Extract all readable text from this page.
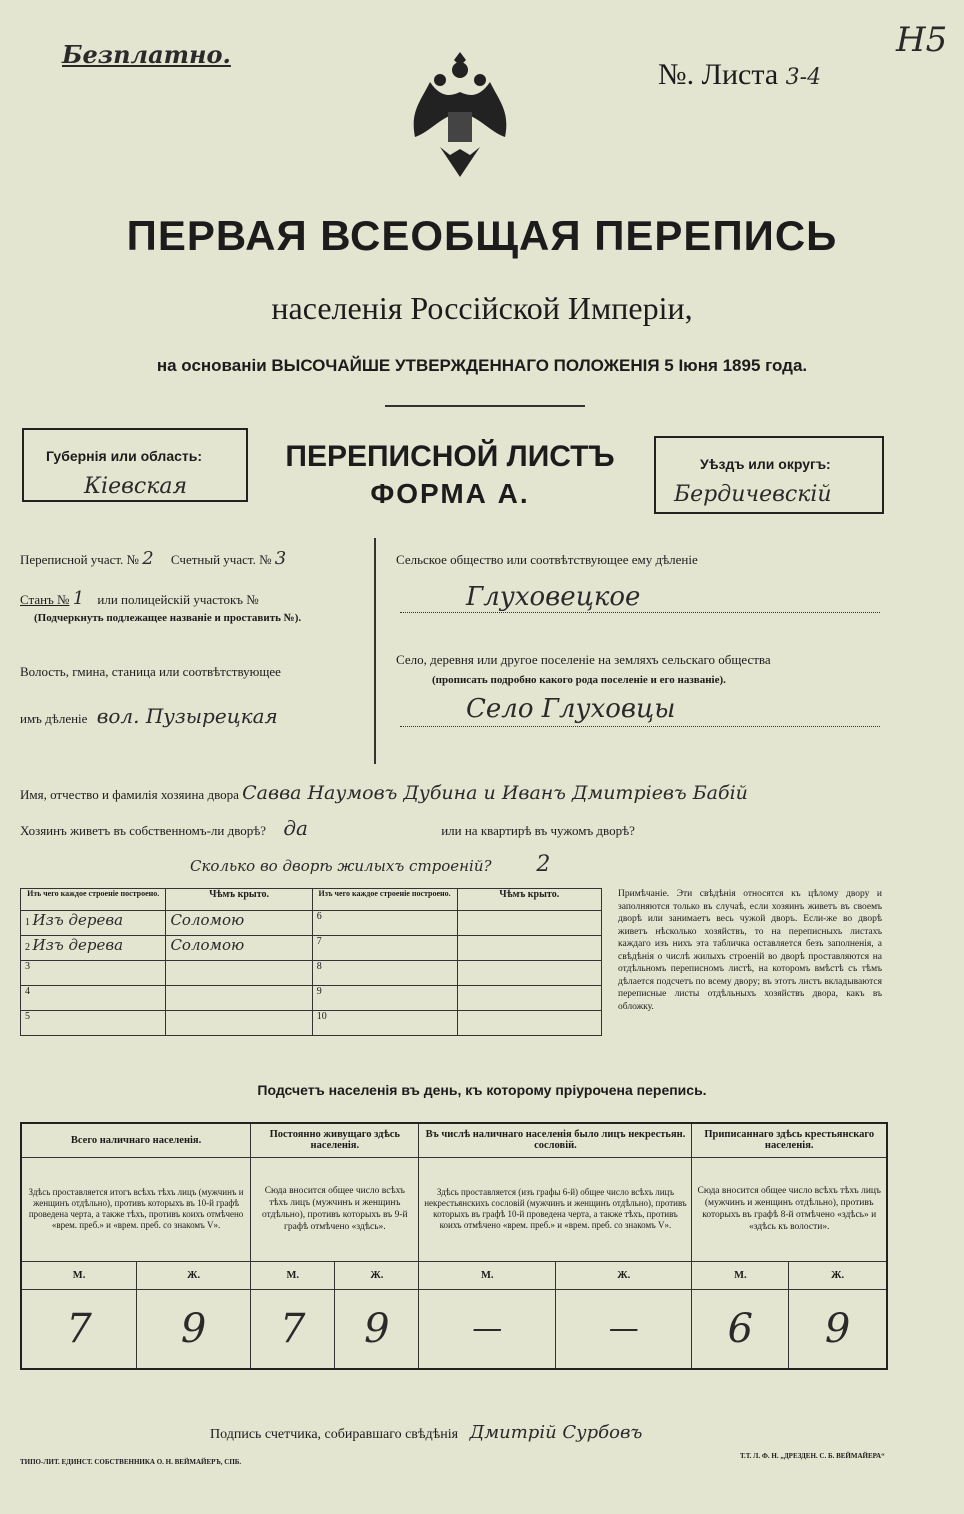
Безплатно.
№. Листа 3-4
H5
ПЕРВАЯ ВСЕОБЩАЯ ПЕРЕПИСЬ
населенія Россійской Имперіи,
на основаніи ВЫСОЧАЙШЕ УТВЕРЖДЕННАГО ПОЛОЖЕНІЯ 5 Іюня 1895 года.
Губернія или область:
Кіевская
ПЕРЕПИСНОЙ ЛИСТЪ
ФОРМА А.
Уѣздъ или округъ:
Бердичевскій
Переписной участ. № 2 Счетный участ. № 3
Станъ № 1 или полицейскій участокъ №
(Подчеркнуть подлежащее названіе и проставить №).
Волость, гмина, станица или соотвѣтствующее
имъ дѣленіе вол. Пузырецкая
Сельское общество или соотвѣтствующее ему дѣленіе
Глуховецкое
Село, деревня или другое поселеніе на земляхъ сельскаго общества
(прописать подробно какого рода поселеніе и его названіе).
Село Глуховцы
Имя, отчество и фамилія хозяина двора Савва Наумовъ Дубина и Иванъ Дмитріевъ Бабій
Хозяинъ живетъ въ собственномъ-ли дворѣ? да	или на квартирѣ въ чужомъ дворѣ?
Сколько во дворѣ жилыхъ строеній? 2
Изъ чего каждое строеніе построено.	Чѣмъ крыто.	Изъ чего каждое строеніе построено.	Чѣмъ крыто.
1 Изъ дерева	Соломою	6	
2 Изъ дерева	Соломою	7	
3		8	
4		9	
5		10	
Примѣчаніе. Эти свѣдѣнія относятся къ цѣлому двору и заполняются только въ случаѣ, если хозяинъ живетъ въ своемъ дворѣ или занимаетъ весь чужой дворъ. Если-же во дворѣ живетъ нѣсколько хозяйствъ, то на переписныхъ листахъ каждаго изъ нихъ эта табличка оставляется безъ заполненія, а свѣдѣнія о числѣ жилыхъ строеній во дворѣ проставляются на отдѣльномъ переписномъ листѣ, на которомъ вмѣстѣ съ тѣмъ дѣлается подсчетъ по всему двору; въ этотъ листъ вкладываются переписные листы отдѣльныхъ хозяйствъ двора, какъ въ обложку.
Подсчетъ населенія въ день, къ которому пріурочена перепись.
Всего наличнаго населенія.		Постоянно живущаго здѣсь населенія.		Въ числѣ наличнаго населенія было лицъ некрестьян. сословій.		Приписаннаго здѣсь крестьянскаго населенія.	
Здѣсь проставляется итогъ всѣхъ тѣхъ лицъ (мужчинъ и женщинъ отдѣльно), противъ которыхъ въ 10-й графѣ проведена черта, а также тѣхъ, противъ коихъ отмѣчено «врем. преб.» и «врем. преб. со знакомъ V».		Сюда вносится общее число всѣхъ тѣхъ лицъ (мужчинъ и женщинъ отдѣльно), противъ которыхъ въ 9-й графѣ отмѣчено «здѣсь».		Здѣсь проставляется (изъ графы 6-й) общее число всѣхъ лицъ некрестьянскихъ сословій (мужчинъ и женщинъ отдѣльно), противъ которыхъ въ графѣ 10-й проведена черта, а также тѣхъ, противъ коихъ отмѣчено «врем. преб.» и «врем. преб. со знакомъ V».		Сюда вносится общее число всѣхъ тѣхъ лицъ (мужчинъ и женщинъ отдѣльно), противъ которыхъ въ графѣ 8-й отмѣчено «здѣсь» и «здѣсь къ волости».	
М.	Ж.	М.	Ж.	М.	Ж.	М.	Ж.
7	9	7	9	—	—	6	9
Подпись счетчика, собиравшаго свѣдѣнія Дмитрій Сурбовъ
ТИПО-ЛИТ. ЕДИНСТ. СОБСТВЕННИКА О. Н. ВЕЙМАЙЕРЪ, СПБ.
Т.Т. Л. Ф. Н. „ДРЕЗДЕН. С. Б. ВЕЙМАЙЕРА“
